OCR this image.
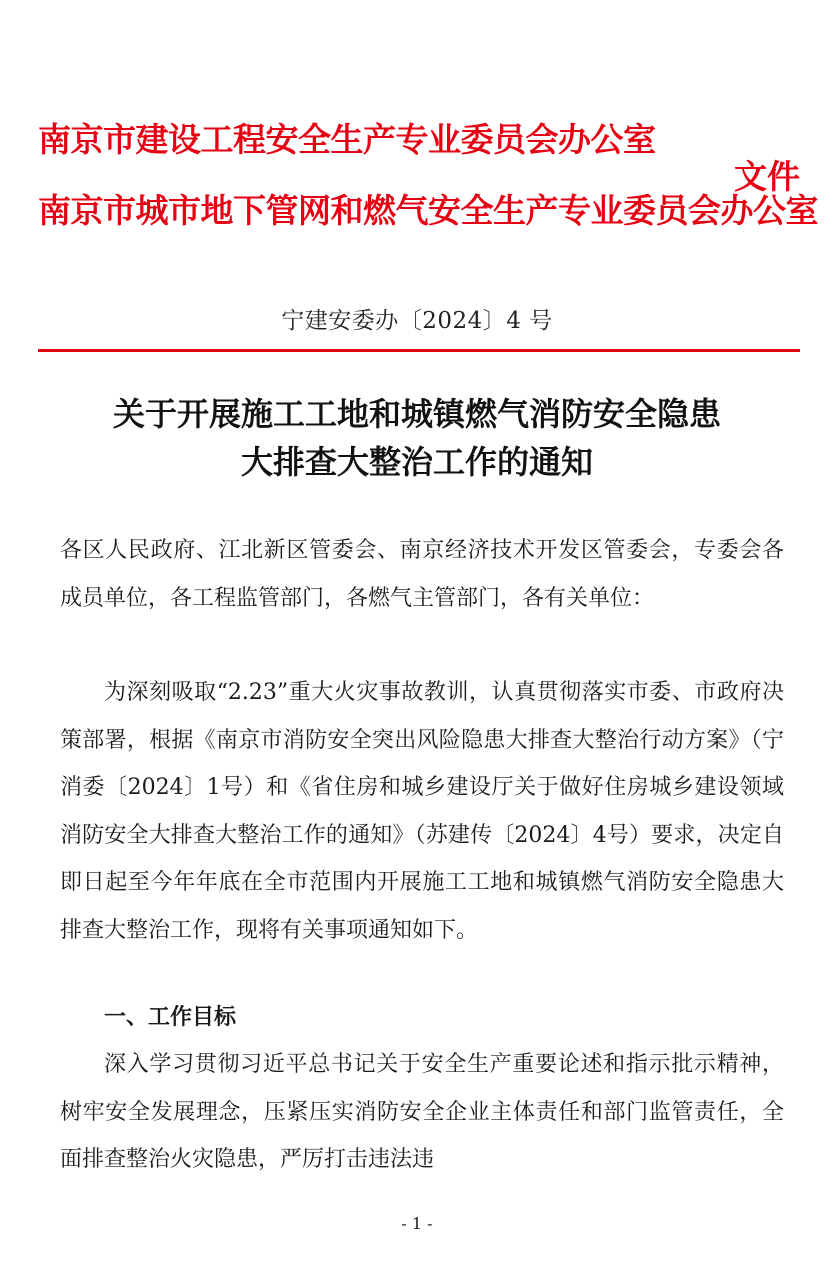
南京市建设工程安全生产专业委员会办公室
南京市城市地下管网和燃气安全生产专业委员会办公室
文件
宁建安委办〔2024〕4 号
关于开展施工工地和城镇燃气消防安全隐患
大排查大整治工作的通知

各区人民政府、江北新区管委会、南京经济技术开发区管委会，专委会各成员单位，各工程监管部门，各燃气主管部门，各有关单位：

为深刻吸取“2.23”重大火灾事故教训，认真贯彻落实市委、市政府决策部署，根据《南京市消防安全突出风险隐患大排查大整治行动方案》（宁消委〔2024〕1号）和《省住房和城乡建设厅关于做好住房城乡建设领域消防安全大排查大整治工作的通知》（苏建传〔2024〕4号）要求，决定自即日起至今年年底在全市范围内开展施工工地和城镇燃气消防安全隐患大排查大整治工作，现将有关事项通知如下。

一、工作目标

深入学习贯彻习近平总书记关于安全生产重要论述和指示批示精神，树牢安全发展理念，压紧压实消防安全企业主体责任和部门监管责任，全面排查整治火灾隐患，严厉打击违法违

- 1 -
